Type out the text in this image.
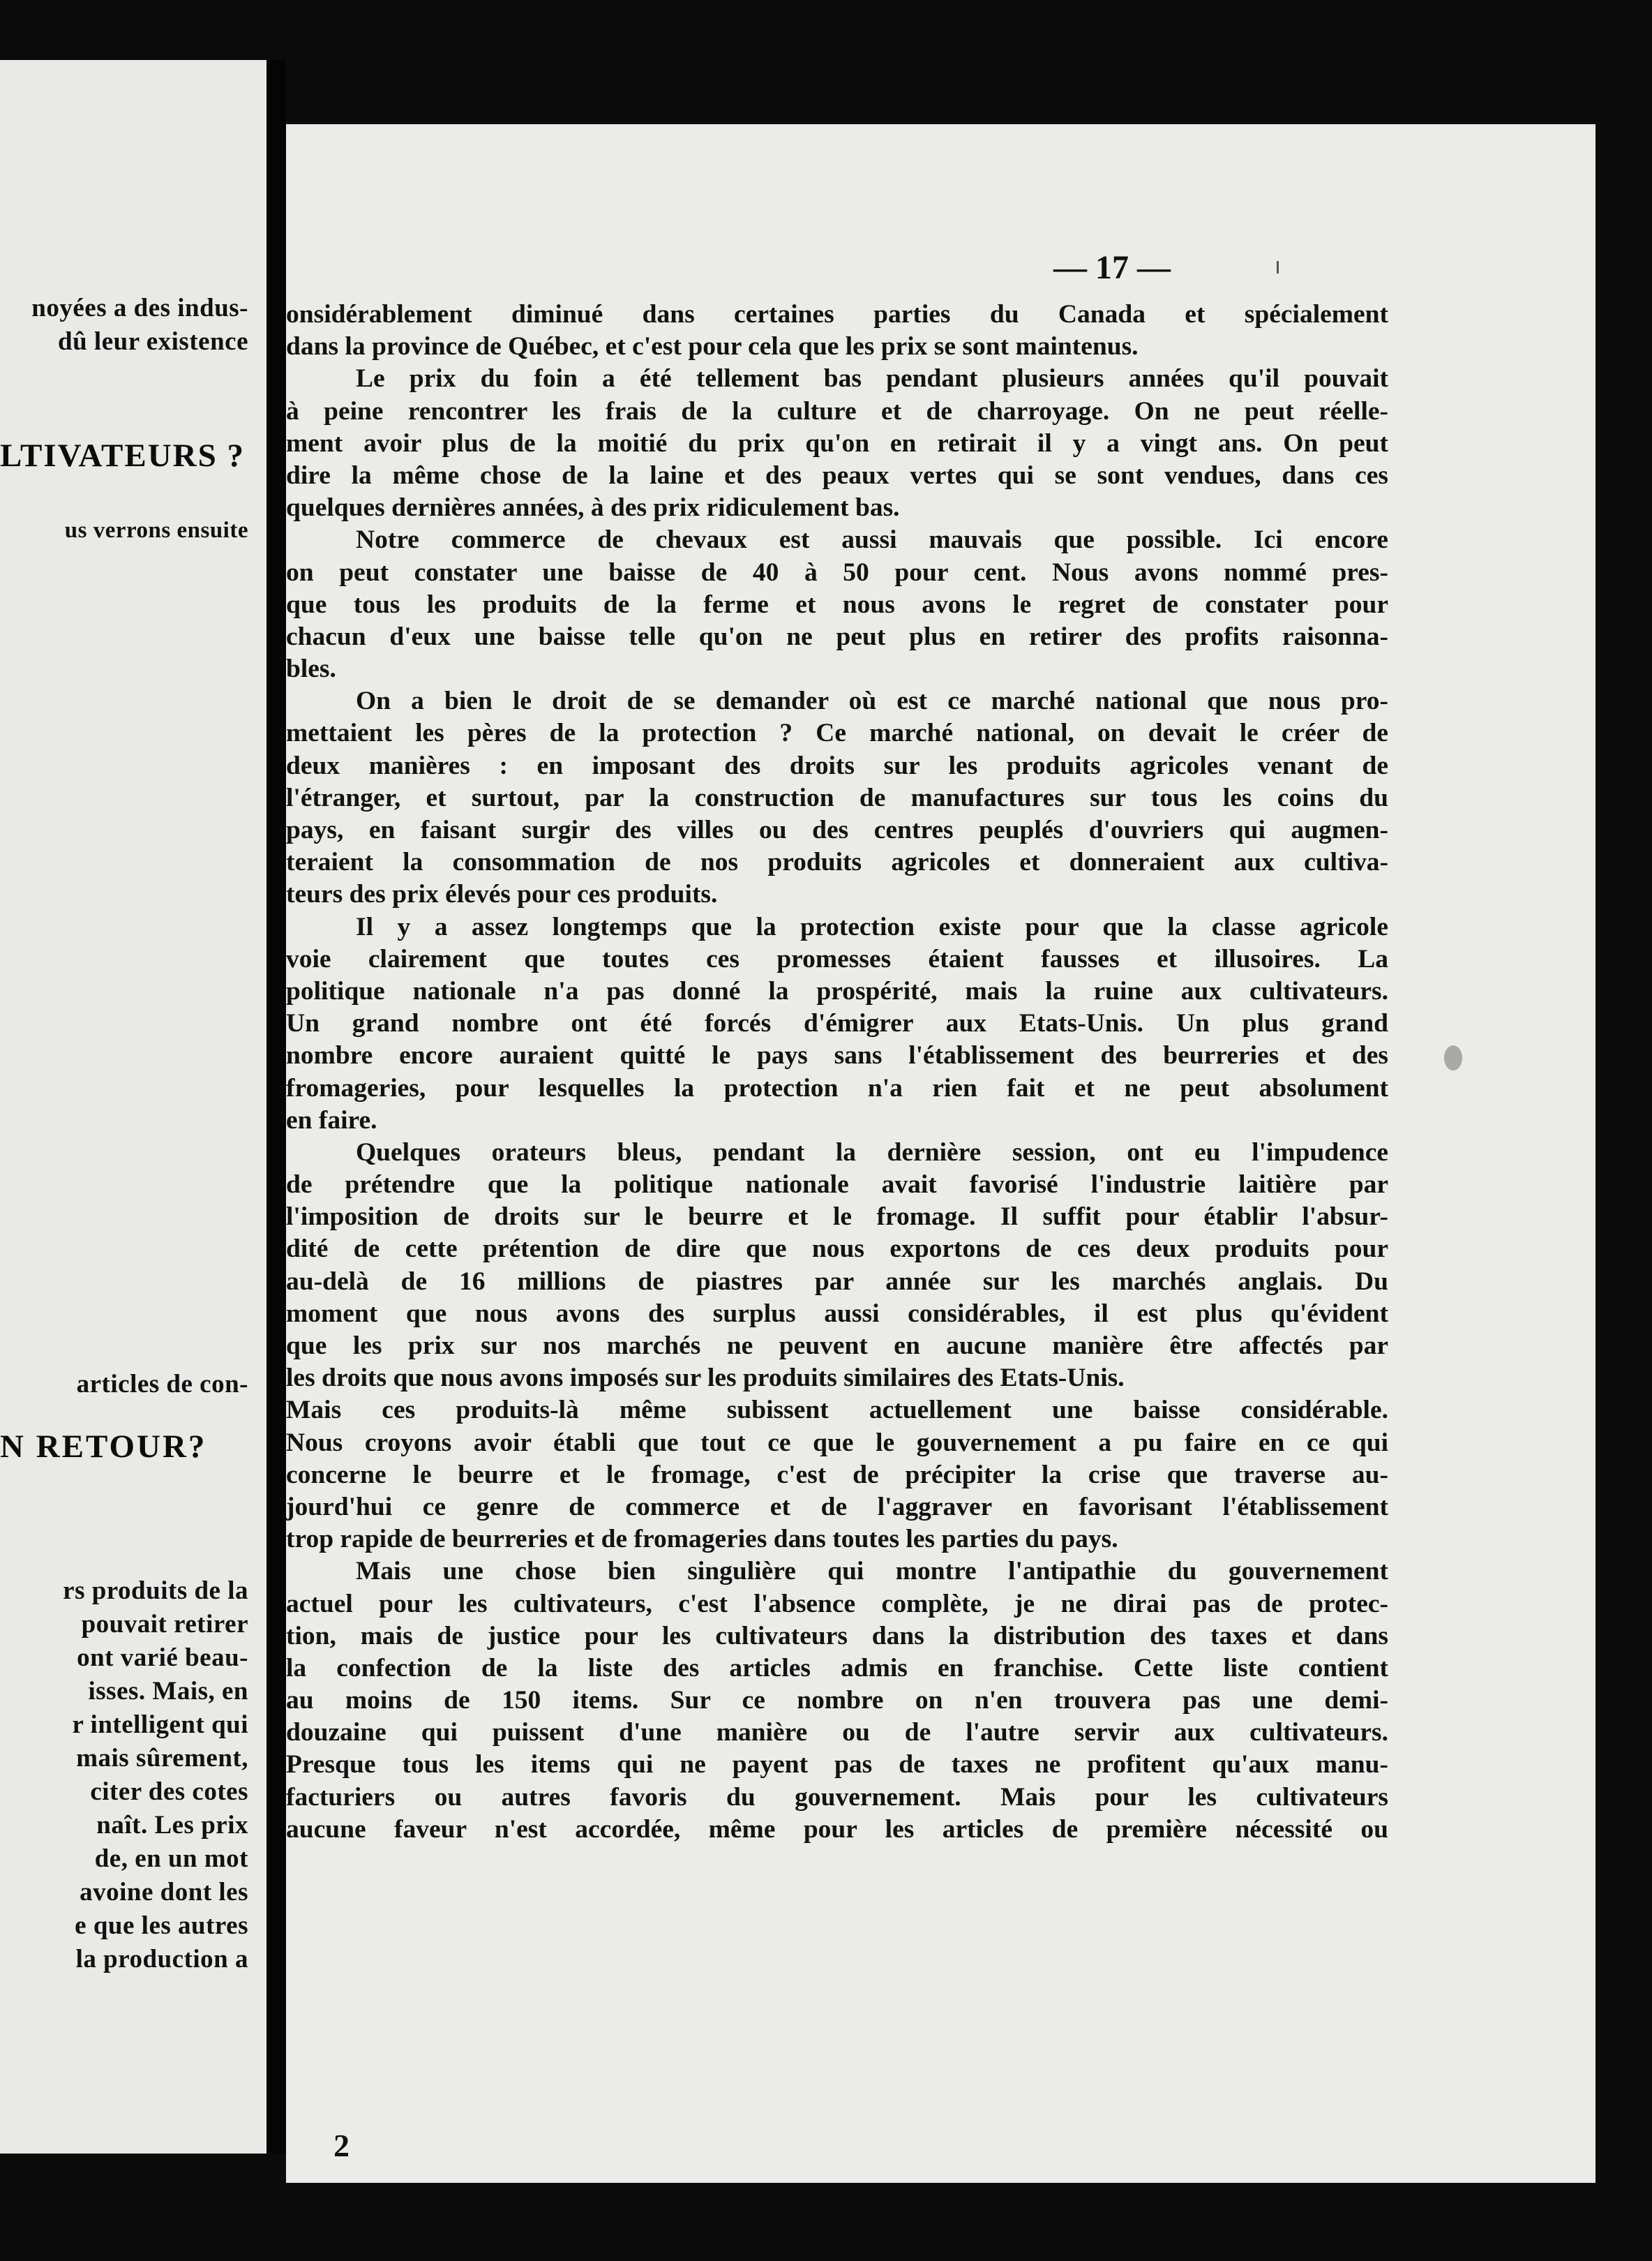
noyées a des indus-
dû leur existence
LTIVATEURS ?
us verrons ensuite
articles de con-
N RETOUR?
rs produits de la
pouvait retirer
ont varié beau-
isses. Mais, en
r intelligent qui
mais sûrement,
citer des cotes
naît. Les prix
de, en un mot
avoine dont les
e que les autres
la production a
— 17 —
onsidérablement diminué dans certaines parties du Canada et spécialement
dans la province de Québec, et c'est pour cela que les prix se sont maintenus.
Le prix du foin a été tellement bas pendant plusieurs années qu'il pouvait
à peine rencontrer les frais de la culture et de charroyage. On ne peut réelle-
ment avoir plus de la moitié du prix qu'on en retirait il y a vingt ans. On peut
dire la même chose de la laine et des peaux vertes qui se sont vendues, dans ces
quelques dernières années, à des prix ridiculement bas.
Notre commerce de chevaux est aussi mauvais que possible. Ici encore
on peut constater une baisse de 40 à 50 pour cent. Nous avons nommé pres-
que tous les produits de la ferme et nous avons le regret de constater pour
chacun d'eux une baisse telle qu'on ne peut plus en retirer des profits raisonna-
bles.
On a bien le droit de se demander où est ce marché national que nous pro-
mettaient les pères de la protection ? Ce marché national, on devait le créer de
deux manières : en imposant des droits sur les produits agricoles venant de
l'étranger, et surtout, par la construction de manufactures sur tous les coins du
pays, en faisant surgir des villes ou des centres peuplés d'ouvriers qui augmen-
teraient la consommation de nos produits agricoles et donneraient aux cultiva-
teurs des prix élevés pour ces produits.
Il y a assez longtemps que la protection existe pour que la classe agricole
voie clairement que toutes ces promesses étaient fausses et illusoires. La
politique nationale n'a pas donné la prospérité, mais la ruine aux cultivateurs.
Un grand nombre ont été forcés d'émigrer aux Etats-Unis. Un plus grand
nombre encore auraient quitté le pays sans l'établissement des beurreries et des
fromageries, pour lesquelles la protection n'a rien fait et ne peut absolument
en faire.
Quelques orateurs bleus, pendant la dernière session, ont eu l'impudence
de prétendre que la politique nationale avait favorisé l'industrie laitière par
l'imposition de droits sur le beurre et le fromage. Il suffit pour établir l'absur-
dité de cette prétention de dire que nous exportons de ces deux produits pour
au-delà de 16 millions de piastres par année sur les marchés anglais. Du
moment que nous avons des surplus aussi considérables, il est plus qu'évident
que les prix sur nos marchés ne peuvent en aucune manière être affectés par
les droits que nous avons imposés sur les produits similaires des Etats-Unis.
Mais ces produits-là même subissent actuellement une baisse considérable.
Nous croyons avoir établi que tout ce que le gouvernement a pu faire en ce qui
concerne le beurre et le fromage, c'est de précipiter la crise que traverse au-
jourd'hui ce genre de commerce et de l'aggraver en favorisant l'établissement
trop rapide de beurreries et de fromageries dans toutes les parties du pays.
Mais une chose bien singulière qui montre l'antipathie du gouvernement
actuel pour les cultivateurs, c'est l'absence complète, je ne dirai pas de protec-
tion, mais de justice pour les cultivateurs dans la distribution des taxes et dans
la confection de la liste des articles admis en franchise. Cette liste contient
au moins de 150 items. Sur ce nombre on n'en trouvera pas une demi-
douzaine qui puissent d'une manière ou de l'autre servir aux cultivateurs.
Presque tous les items qui ne payent pas de taxes ne profitent qu'aux manu-
facturiers ou autres favoris du gouvernement. Mais pour les cultivateurs
aucune faveur n'est accordée, même pour les articles de première nécessité ou
2
